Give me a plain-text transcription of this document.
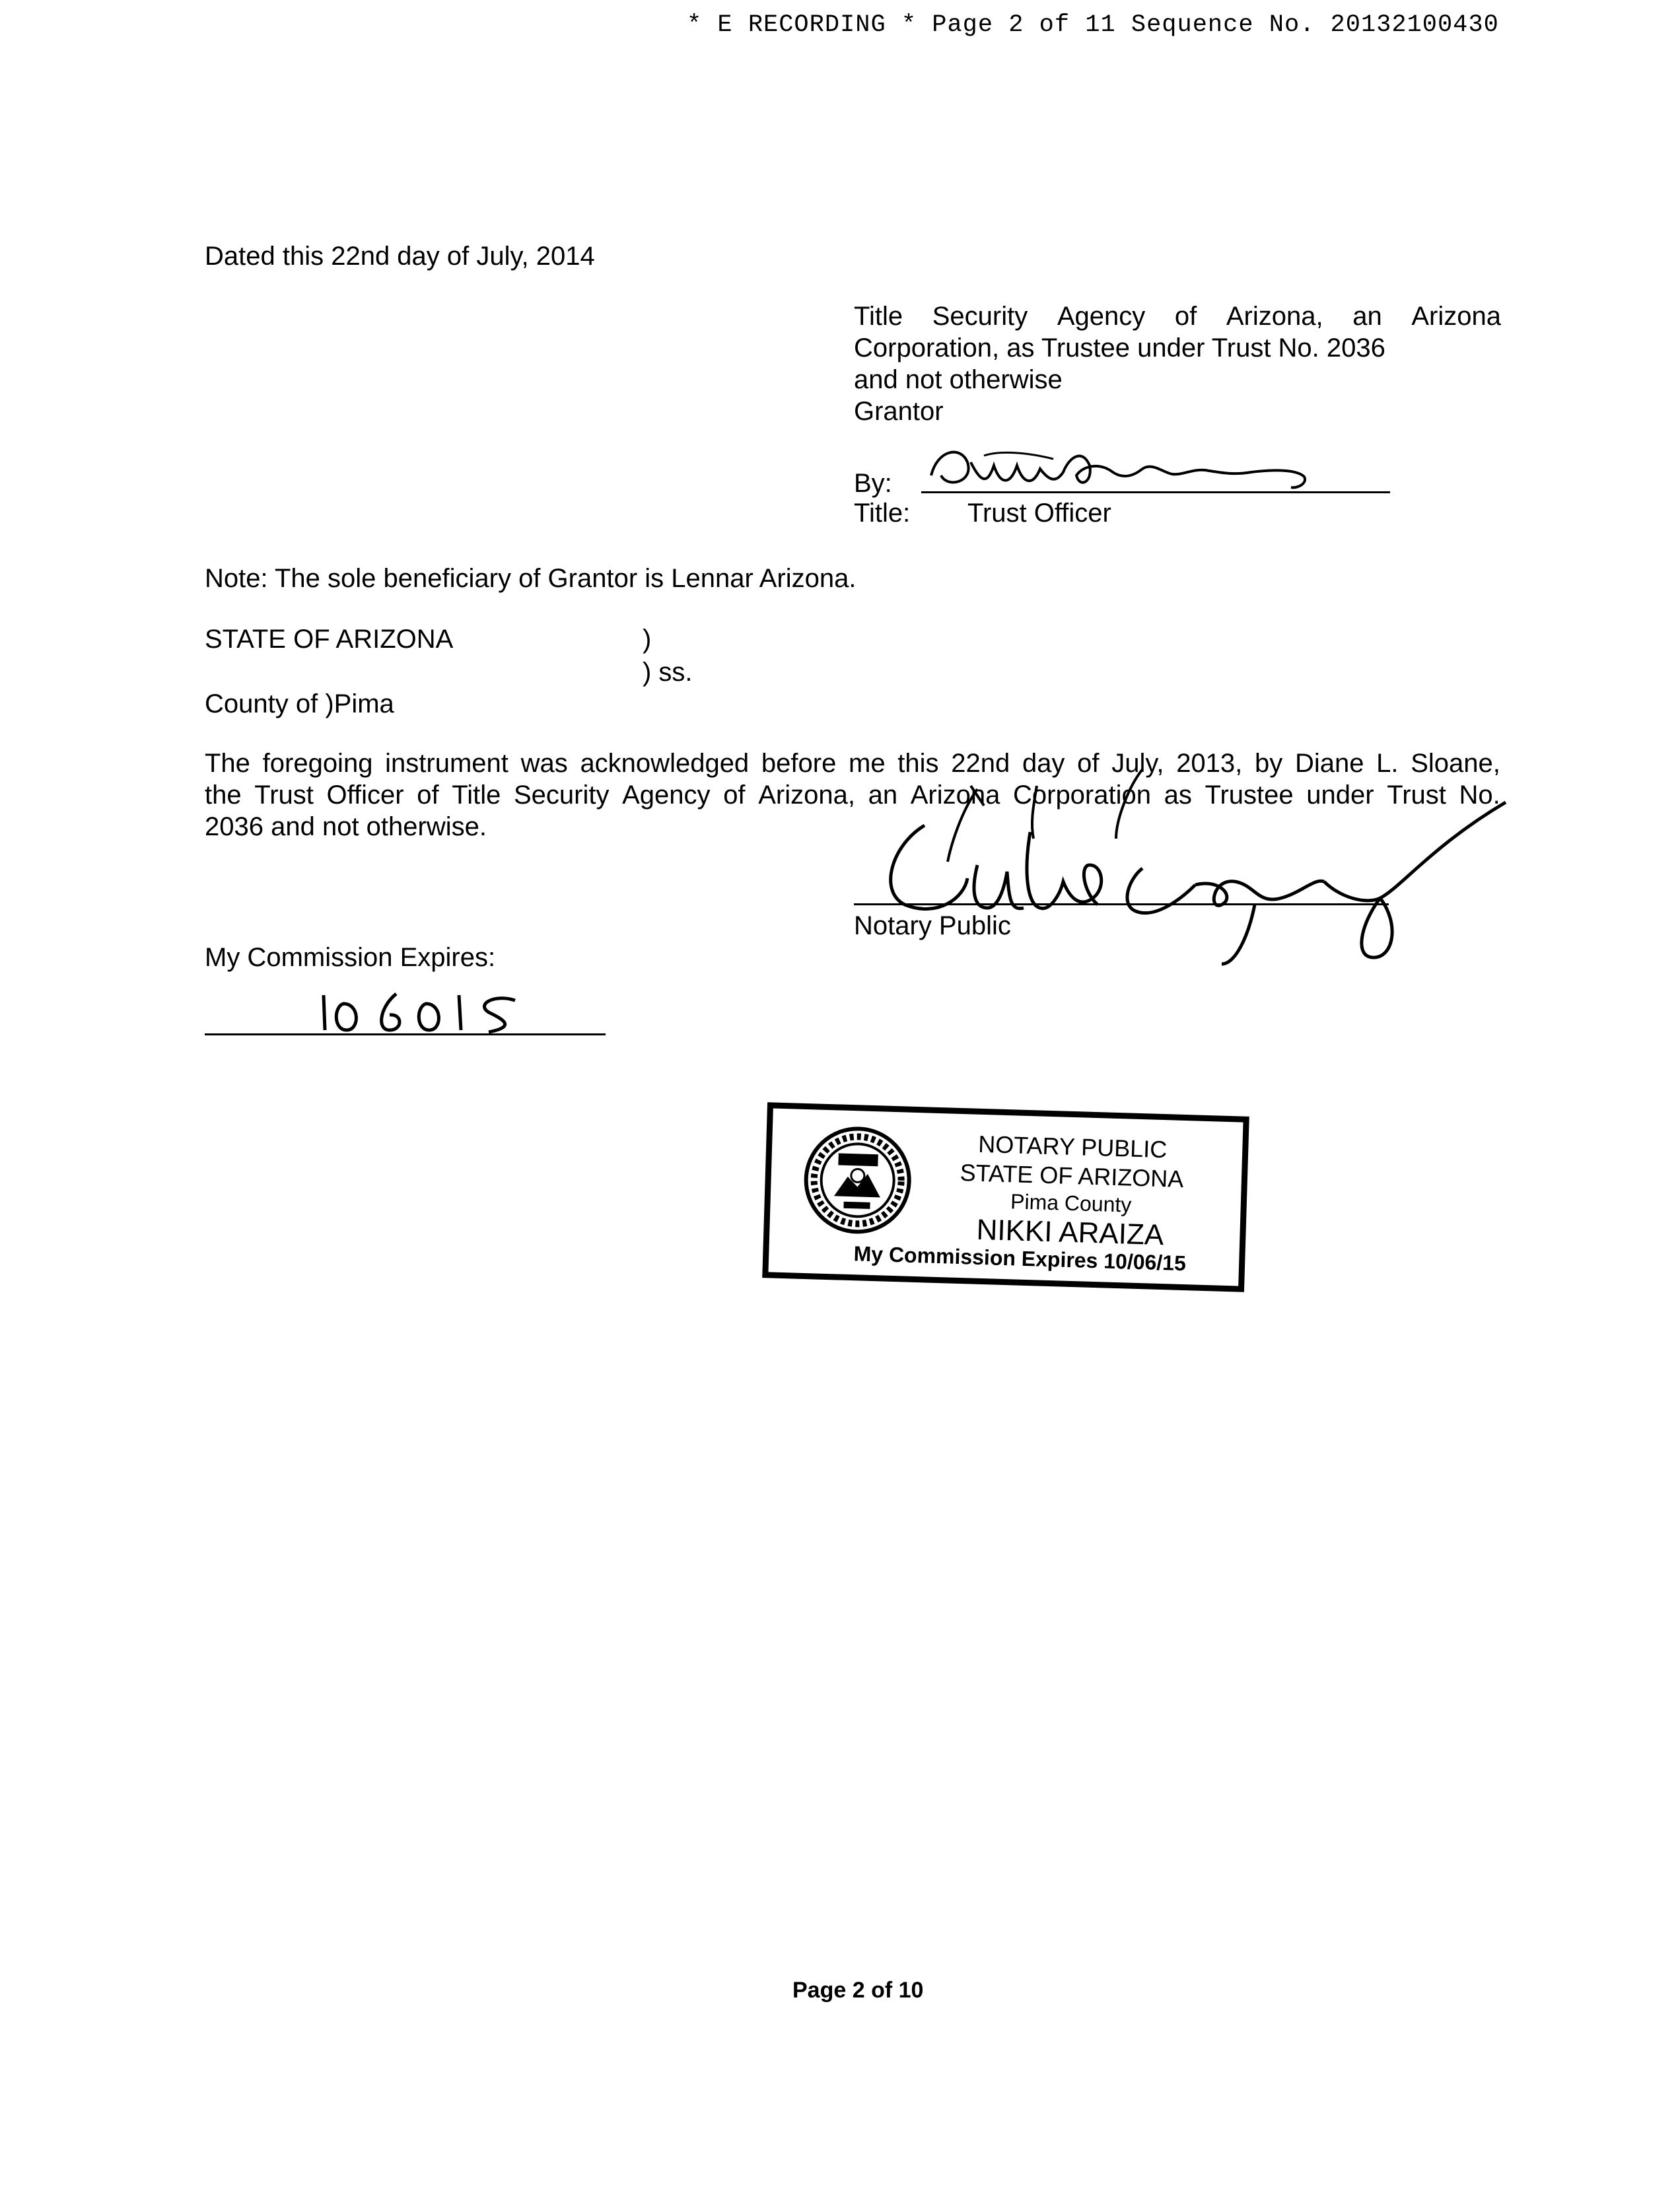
* E RECORDING * Page 2 of 11 Sequence No. 20132100430
Dated this 22nd day of July, 2014
Title Security Agency of Arizona, an Arizona
Corporation, as Trustee under Trust No. 2036
and not otherwise
Grantor
By:
Title: Trust Officer
Note: The sole beneficiary of Grantor is Lennar Arizona.
STATE OF ARIZONA	)
) ss.
County of )Pima
The foregoing instrument was acknowledged before me this 22nd day of July, 2013, by Diane L. Sloane,
the Trust Officer of Title Security Agency of Arizona, an Arizona Corporation as Trustee under Trust No.
2036 and not otherwise.
Notary Public
My Commission Expires:
NOTARY PUBLIC
STATE OF ARIZONA
Pima County
NIKKI ARAIZA
My Commission Expires 10/06/15
Page 2 of 10
